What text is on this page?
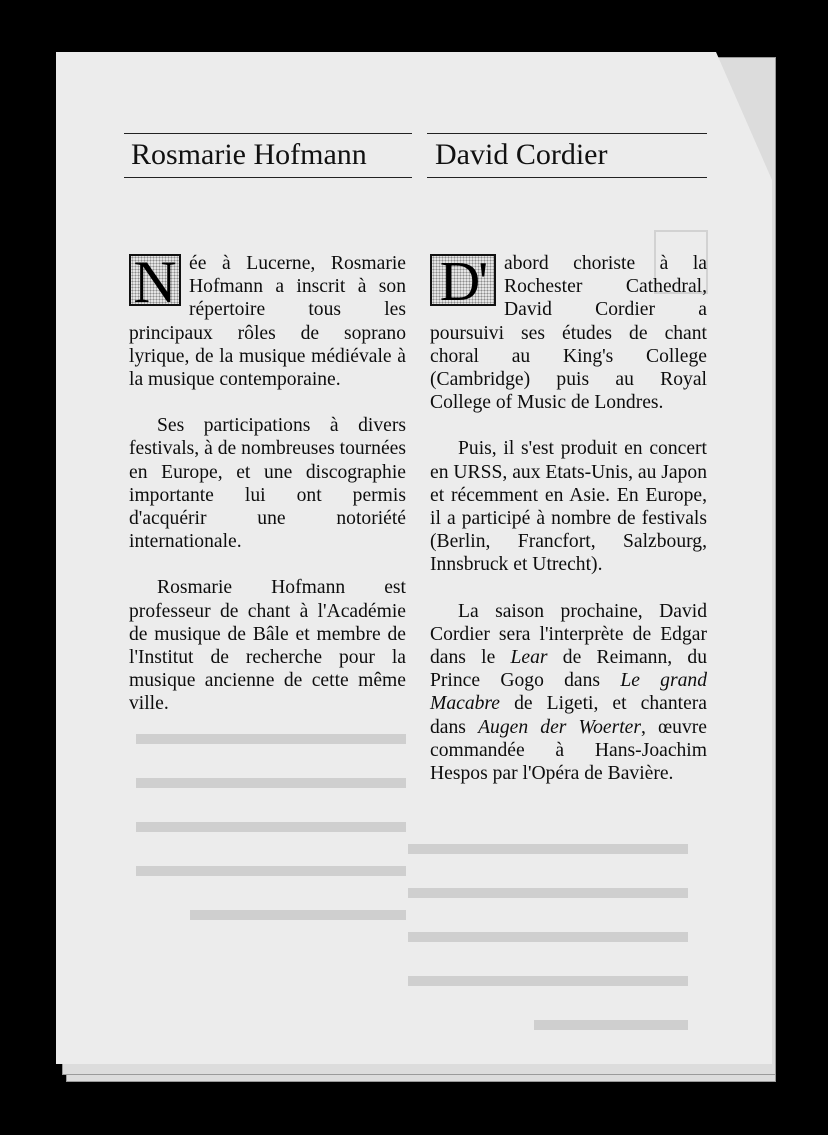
Rosmarie Hofmann David Cordier

N ée à Lucerne, Rosmarie Hofmann a inscrit à son répertoire tous les principaux rôles de soprano lyrique, de la musique médiévale à la musique contemporaine.

Ses participations à divers festivals, à de nombreuses tournées en Europe, et une discographie importante lui ont permis d'acquérir une notoriété internationale.

Rosmarie Hofmann est professeur de chant à l'Académie de musique de Bâle et membre de l'Institut de recherche pour la musique ancienne de cette même ville.

D' abord choriste à la Rochester Cathedral, David Cordier a poursuivi ses études de chant choral au King's College (Cambridge) puis au Royal College of Music de Londres.

Puis, il s'est produit en concert en URSS, aux Etats-Unis, au Japon et récemment en Asie. En Europe, il a participé à nombre de festivals (Berlin, Francfort, Salzbourg, Innsbruck et Utrecht).

La saison prochaine, David Cordier sera l'interprète de Edgar dans le Lear de Reimann, du Prince Gogo dans Le grand Macabre de Ligeti, et chantera dans Augen der Woerter, œuvre commandée à Hans-Joachim Hespos par l'Opéra de Bavière.
